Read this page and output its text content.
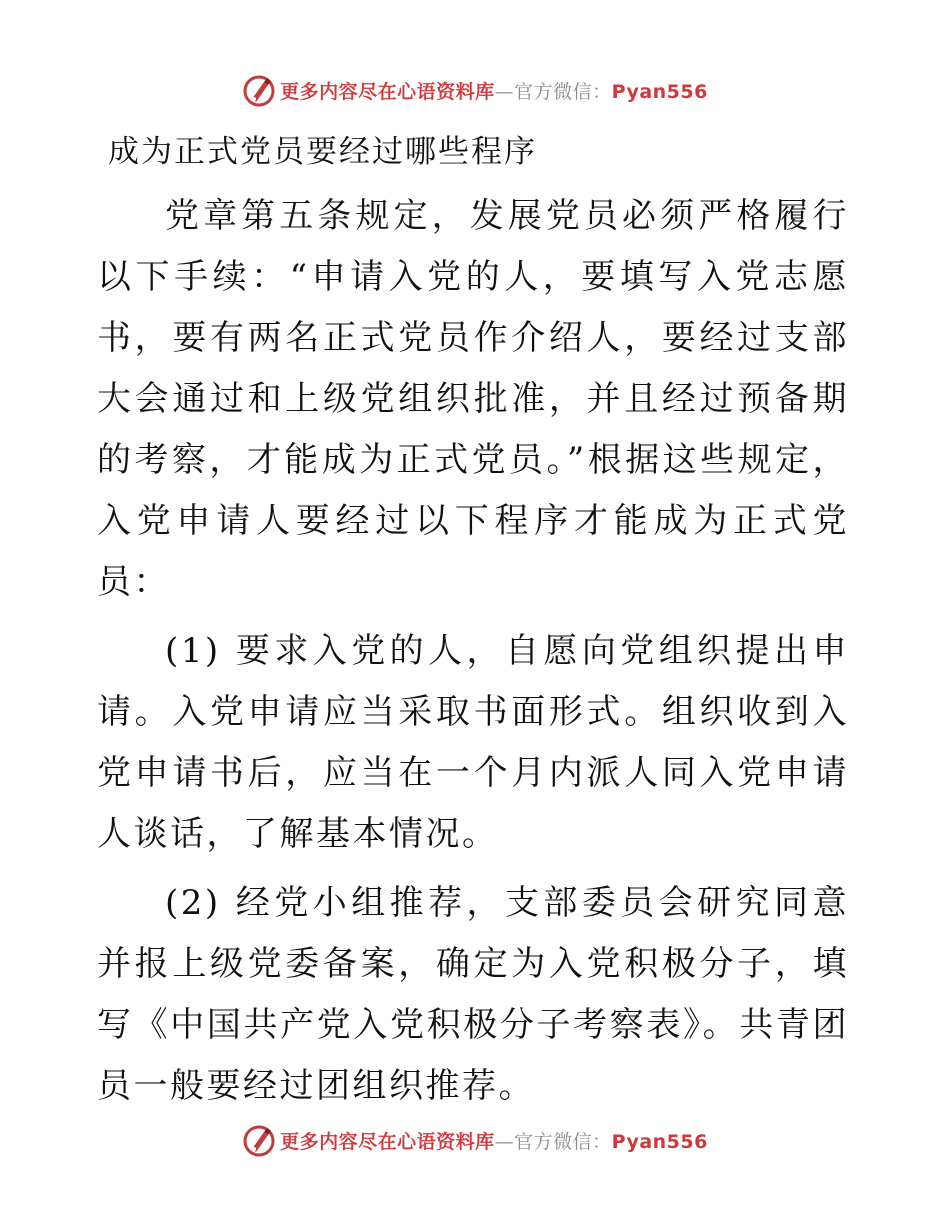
更多内容尽在心语资料库—官方微信：Pyan556
成为正式党员要经过哪些程序

党章第五条规定，发展党员必须严格履行以下手续：“申请入党的人，要填写入党志愿书，要有两名正式党员作介绍人，要经过支部大会通过和上级党组织批准，并且经过预备期的考察，才能成为正式党员。”根据这些规定，入党申请人要经过以下程序才能成为正式党员：

(1) 要求入党的人，自愿向党组织提出申请。入党申请应当采取书面形式。组织收到入党申请书后，应当在一个月内派人同入党申请人谈话，了解基本情况。

(2) 经党小组推荐，支部委员会研究同意并报上级党委备案，确定为入党积极分子，填写《中国共产党入党积极分子考察表》。共青团员一般要经过团组织推荐。

更多内容尽在心语资料库—官方微信：Pyan556
